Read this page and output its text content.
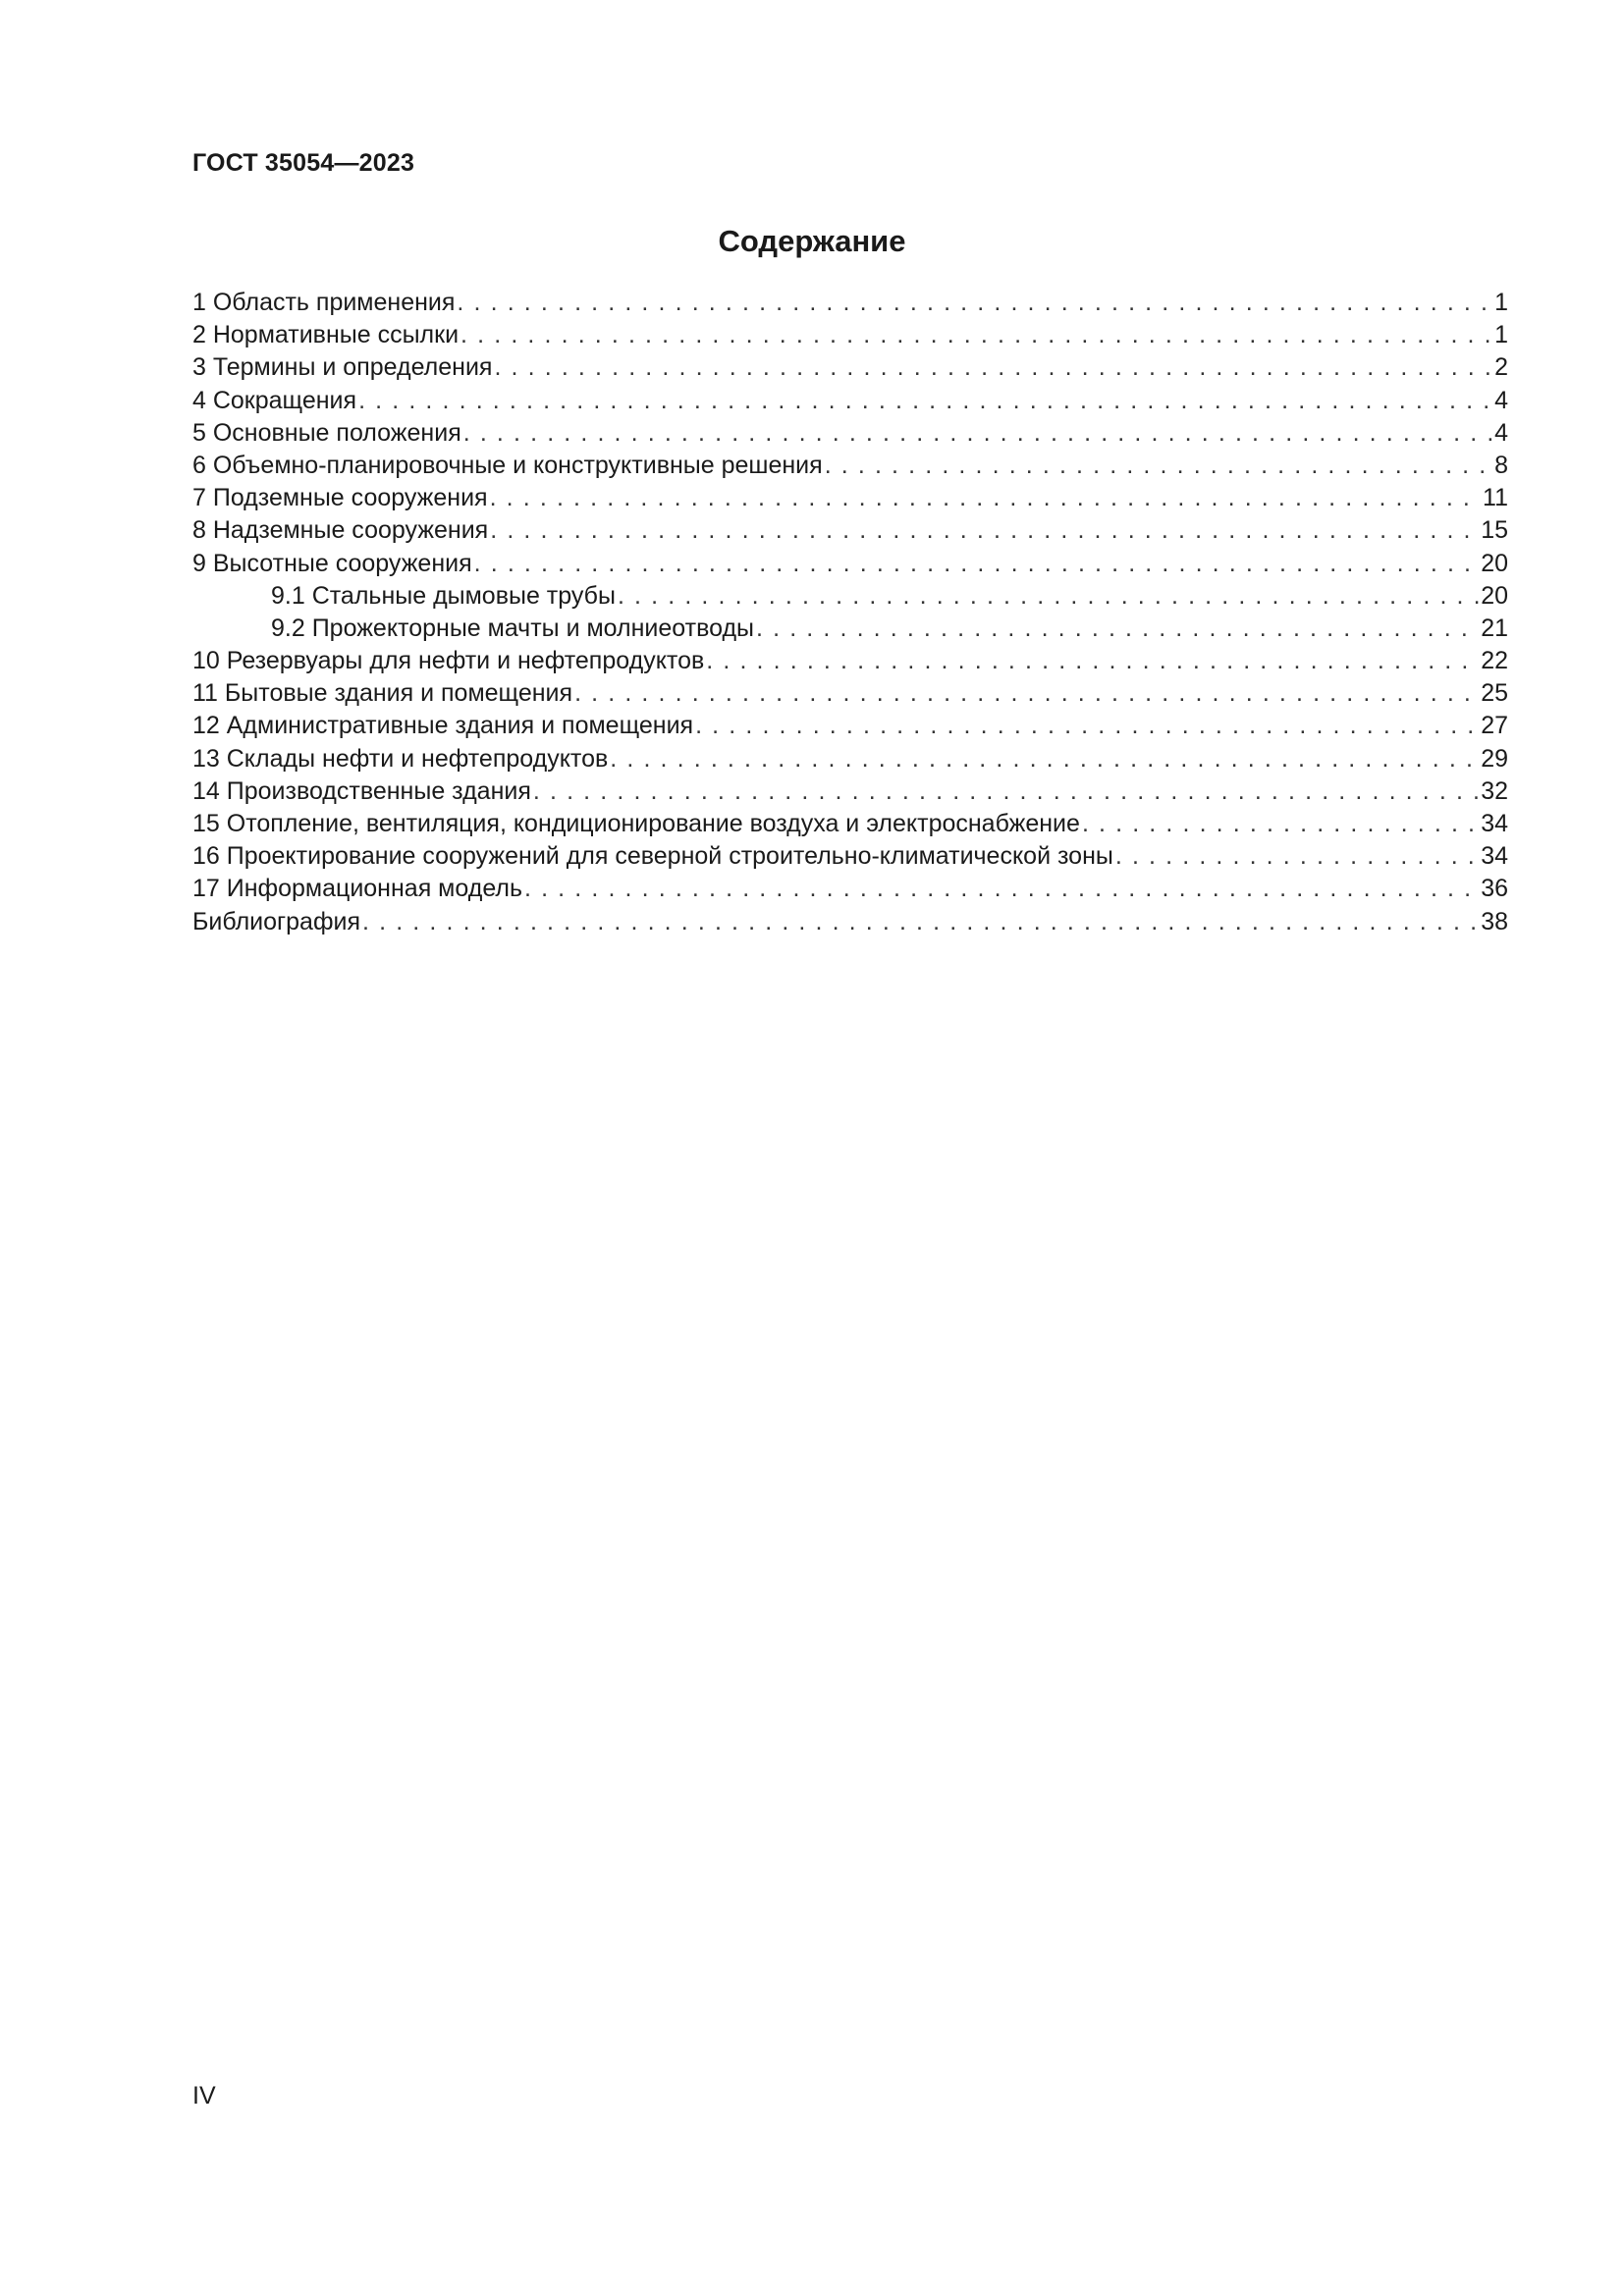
ГОСТ 35054—2023
Содержание
1 Область применения . . .	1
2 Нормативные ссылки . . .	1
3 Термины и определения . . .	2
4 Сокращения . . .	4
5 Основные положения . . .	4
6 Объемно-планировочные и конструктивные решения . . .	8
7 Подземные сооружения . . .	11
8 Надземные сооружения . . .	15
9 Высотные сооружения . . .	20
9.1 Стальные дымовые трубы . . .	20
9.2 Прожекторные мачты и молниеотводы . . .	21
10 Резервуары для нефти и нефтепродуктов . . .	22
11 Бытовые здания и помещения . . .	25
12 Административные здания и помещения . . .	27
13 Склады нефти и нефтепродуктов . . .	29
14 Производственные здания . . .	32
15 Отопление, вентиляция, кондиционирование воздуха и электроснабжение . . .	34
16 Проектирование сооружений для северной строительно-климатической зоны . . .	34
17 Информационная модель . . .	36
Библиография . . .	38
IV
